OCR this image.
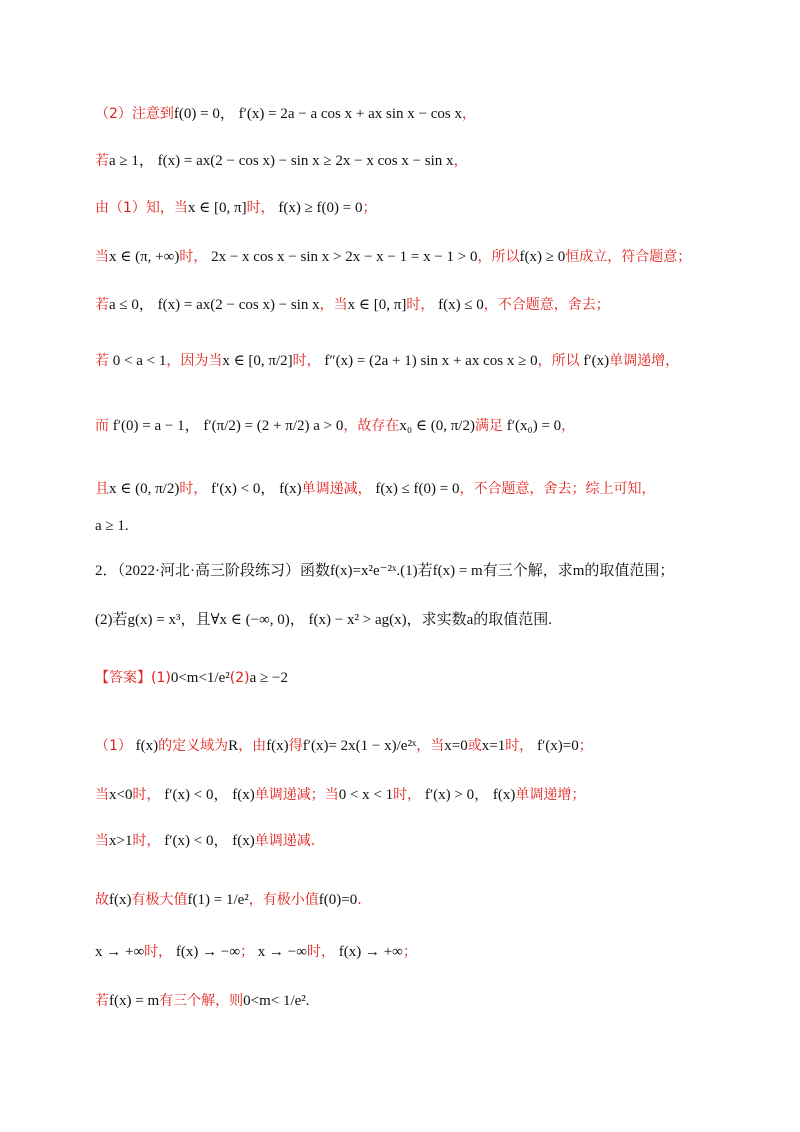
（2）注意到f(0) = 0， f′(x) = 2a − a cos x + ax sin x − cos x，
若a ≥ 1， f(x) = ax(2 − cos x) − sin x ≥ 2x − x cos x − sin x，
由（1）知，当x ∈ [0, π]时， f(x) ≥ f(0) = 0；
当x ∈ (π, +∞)时， 2x − x cos x − sin x > 2x − x − 1 = x − 1 > 0，所以f(x) ≥ 0恒成立，符合题意；
若a ≤ 0， f(x) = ax(2 − cos x) − sin x，当x ∈ [0, π]时， f(x) ≤ 0，不合题意，舍去；
若 0 < a < 1，因为当x ∈ [0, π/2]时， f″(x) = (2a + 1) sin x + ax cos x ≥ 0，所以 f′(x)单调递增，
而 f′(0) = a − 1， f′(π/2) = (2 + π/2) a > 0，故存在x₀ ∈ (0, π/2)满足 f′(x₀) = 0，
且x ∈ (0, π/2)时， f′(x) < 0， f(x)单调递减， f(x) ≤ f(0) = 0，不合题意，舍去；综上可知，
a ≥ 1.
2．（2022·河北·高三阶段练习）函数f(x)=x²e⁻²ˣ.(1)若f(x) = m有三个解，求m的取值范围；
(2)若g(x) = x³，且∀x ∈ (−∞, 0)， f(x) − x² > ag(x)，求实数a的取值范围.
【答案】(1)0<m<1/e²(2)a ≥ −2
（1） f(x)的定义域为R，由f(x)得f′(x)= 2x(1 − x)/e²ˣ，当x=0或x=1时， f′(x)=0；
当x<0时， f′(x) < 0， f(x)单调递减；当0 < x < 1时， f′(x) > 0， f(x)单调递增；
当x>1时， f′(x) < 0， f(x)单调递减.
故f(x)有极大值f(1) = 1/e²，有极小值f(0)=0.
x → +∞时， f(x) → −∞； x → −∞时， f(x) → +∞；
若f(x) = m有三个解，则0<m< 1/e².
